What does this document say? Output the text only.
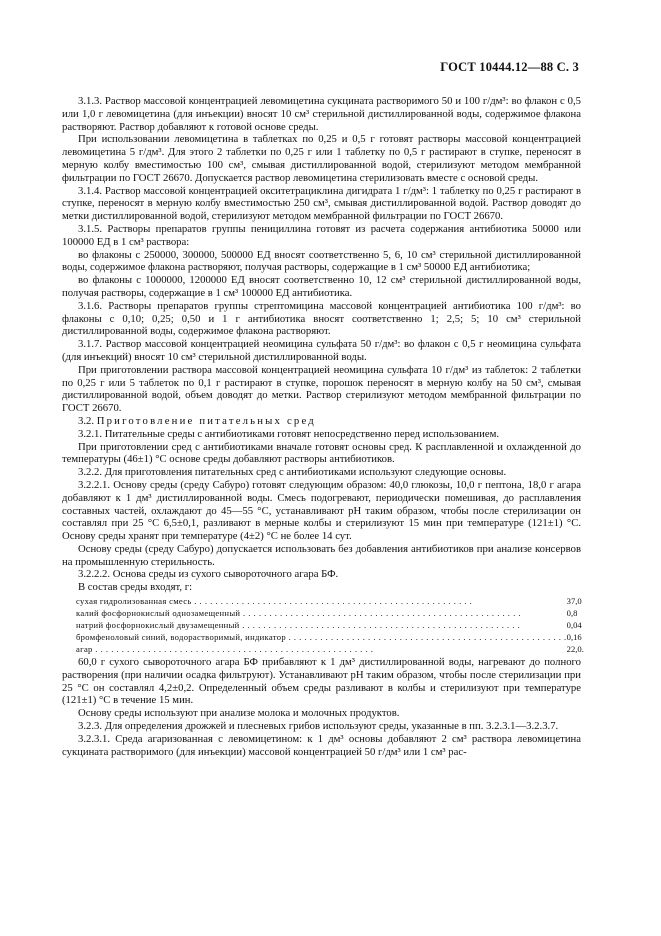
ГОСТ 10444.12—88 С. 3

3.1.3. Раствор массовой концентрацией левомицетина сукцината растворимого 50 и 100 г/дм³: во флакон с 0,5 или 1,0 г левомицетина (для инъекции) вносят 10 см³ стерильной дистиллированной воды, содержимое флакона растворяют. Раствор добавляют к готовой основе среды.

При использовании левомицетина в таблетках по 0,25 и 0,5 г готовят растворы массовой концентрацией левомицетина 5 г/дм³. Для этого 2 таблетки по 0,25 г или 1 таблетку по 0,5 г растирают в ступке, переносят в мерную колбу вместимостью 100 см³, смывая дистиллированной водой, стерилизуют методом мембранной фильтрации по ГОСТ 26670. Допускается раствор левомицетина стерилизовать вместе с основой среды.

3.1.4. Раствор массовой концентрацией окситетрациклина дигидрата 1 г/дм³: 1 таблетку по 0,25 г растирают в ступке, переносят в мерную колбу вместимостью 250 см³, смывая дистиллированной водой. Раствор доводят до метки дистиллированной водой, стерилизуют методом мембранной фильтрации по ГОСТ 26670.

3.1.5. Растворы препаратов группы пенициллина готовят из расчета содержания антибиотика 50000 или 100000 ЕД в 1 см³ раствора:

во флаконы с 250000, 300000, 500000 ЕД вносят соответственно 5, 6, 10 см³ стерильной дистиллированной воды, содержимое флакона растворяют, получая растворы, содержащие в 1 см³ 50000 ЕД антибиотика;

во флаконы с 1000000, 1200000 ЕД вносят соответственно 10, 12 см³ стерильной дистиллированной воды, получая растворы, содержащие в 1 см³ 100000 ЕД антибиотика.

3.1.6. Растворы препаратов группы стрептомицина массовой концентрацией антибиотика 100 г/дм³: во флаконы с 0,10; 0,25; 0,50 и 1 г антибиотика вносят соответственно 1; 2,5; 5; 10 см³ стерильной дистиллированной воды, содержимое флакона растворяют.

3.1.7. Раствор массовой концентрацией неомицина сульфата 50 г/дм³: во флакон с 0,5 г неомицина сульфата (для инъекций) вносят 10 см³ стерильной дистиллированной воды.

При приготовлении раствора массовой концентрацией неомицина сульфата 10 г/дм³ из таблеток: 2 таблетки по 0,25 г или 5 таблеток по 0,1 г растирают в ступке, порошок переносят в мерную колбу на 50 см³, смывая дистиллированной водой, объем доводят до метки. Раствор стерилизуют методом мембранной фильтрации по ГОСТ 26670.

3.2. Приготовление питательных сред

3.2.1. Питательные среды с антибиотиками готовят непосредственно перед использованием.

При приготовлении сред с антибиотиками вначале готовят основы сред. К расплавленной и охлажденной до температуры (46±1) °С основе среды добавляют растворы антибиотиков.

3.2.2. Для приготовления питательных сред с антибиотиками используют следующие основы.

3.2.2.1. Основу среды (среду Сабуро) готовят следующим образом: 40,0 глюкозы, 10,0 г пептона, 18,0 г агара добавляют к 1 дм³ дистиллированной воды. Смесь подогревают, периодически помешивая, до расплавления составных частей, охлаждают до 45—55 °С, устанавливают рН таким образом, чтобы после стерилизации он составлял при 25 °С 6,5±0,1, разливают в мерные колбы и стерилизуют 15 мин при температуре (121±1) °С. Основу среды хранят при температуре (4±2) °С не более 14 сут.

Основу среды (среду Сабуро) допускается использовать без добавления антибиотиков при анализе консервов на промышленную стерильность.

3.2.2.2. Основа среды из сухого сывороточного агара БФ.

В состав среды входят, г:

сухая гидролизованная смесь . . .	37,0
калий фосфорнокислый однозамещенный . . .	0,8
натрий фосфорнокислый двузамещенный . . .	0,04
бромфеноловый синий, водорастворимый, индикатор . . .	0,16
агар . . .	22,0.

60,0 г сухого сывороточного агара БФ прибавляют к 1 дм³ дистиллированной воды, нагревают до полного растворения (при наличии осадка фильтруют). Устанавливают рН таким образом, чтобы после стерилизации при 25 °С он составлял 4,2±0,2. Определенный объем среды разливают в колбы и стерилизуют при температуре (121±1) °С в течение 15 мин.

Основу среды используют при анализе молока и молочных продуктов.

3.2.3. Для определения дрожжей и плесневых грибов используют среды, указанные в пп. 3.2.3.1—3.2.3.7.

3.2.3.1. Среда агаризованная с левомицетином: к 1 дм³ основы добавляют 2 см³ раствора левомицетина сукцината растворимого (для инъекции) массовой концентрацией 50 г/дм³ или 1 см³ рас-
